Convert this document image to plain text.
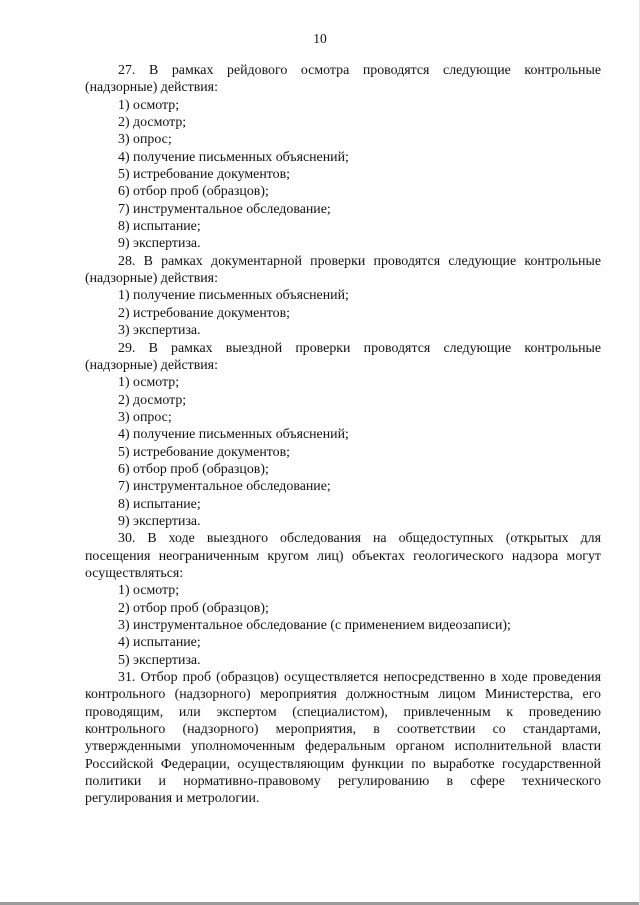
10

27. В рамках рейдового осмотра проводятся следующие контрольные (надзорные) действия:

1) осмотр;
2) досмотр;
3) опрос;
4) получение письменных объяснений;
5) истребование документов;
6) отбор проб (образцов);
7) инструментальное обследование;
8) испытание;
9) экспертиза.

28. В рамках документарной проверки проводятся следующие контрольные (надзорные) действия:

1) получение письменных объяснений;
2) истребование документов;
3) экспертиза.

29. В рамках выездной проверки проводятся следующие контрольные (надзорные) действия:

1) осмотр;
2) досмотр;
3) опрос;
4) получение письменных объяснений;
5) истребование документов;
6) отбор проб (образцов);
7) инструментальное обследование;
8) испытание;
9) экспертиза.

30. В ходе выездного обследования на общедоступных (открытых для посещения неограниченным кругом лиц) объектах геологического надзора могут осуществляться:

1) осмотр;
2) отбор проб (образцов);
3) инструментальное обследование (с применением видеозаписи);
4) испытание;
5) экспертиза.

31. Отбор проб (образцов) осуществляется непосредственно в ходе проведения контрольного (надзорного) мероприятия должностным лицом Министерства, его проводящим, или экспертом (специалистом), привлеченным к проведению контрольного (надзорного) мероприятия, в соответствии со стандартами, утвержденными уполномоченным федеральным органом исполнительной власти Российской Федерации, осуществляющим функции по выработке государственной политики и нормативно-правовому регулированию в сфере технического регулирования и метрологии.
